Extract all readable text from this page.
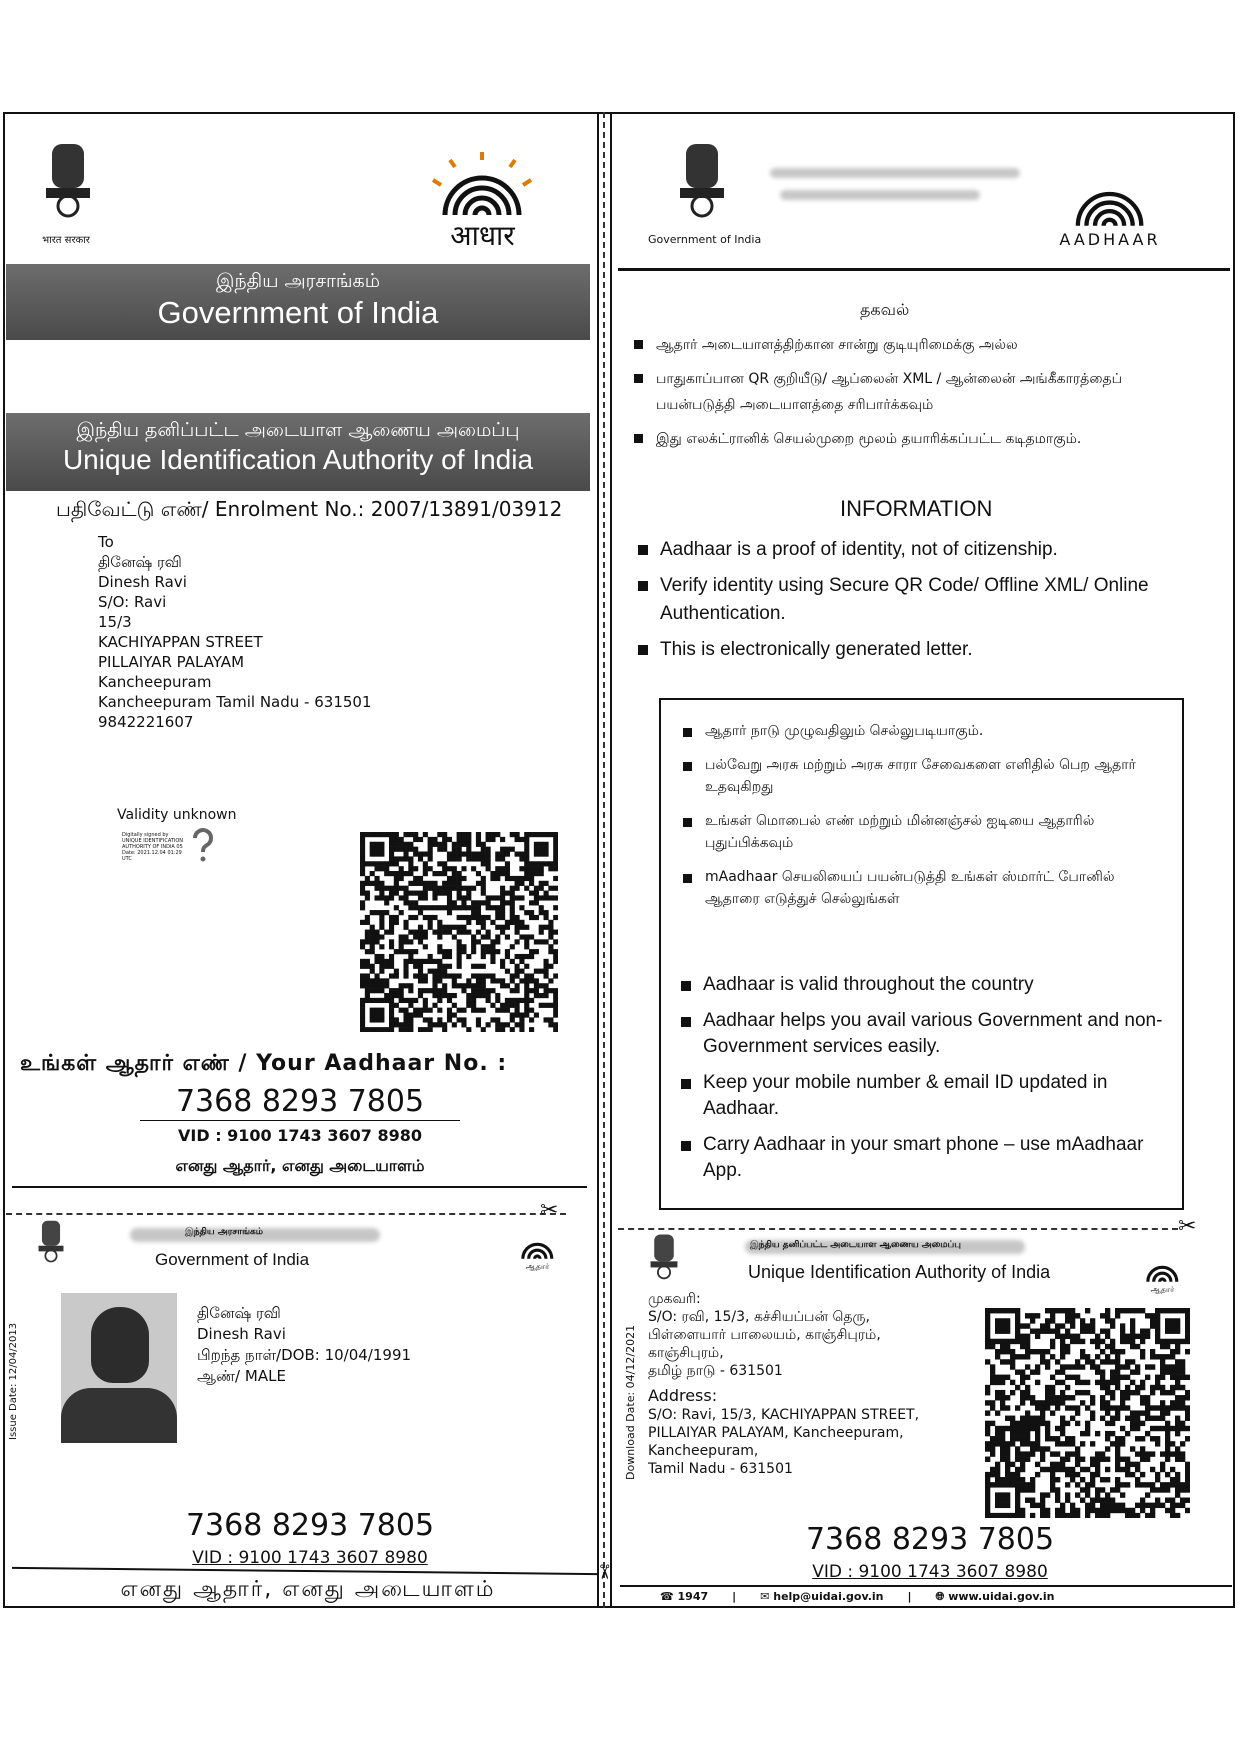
भारत सरकार	आधार
இந்திய அரசாங்கம்
Government of India
இந்திய தனிப்பட்ட அடையாள ஆணைய அமைப்பு
Unique Identification Authority of India
பதிவேட்டு எண்/ Enrolment No.: 2007/13891/03912
To
தினேஷ் ரவி
Dinesh Ravi
S/O: Ravi
15/3
KACHIYAPPAN STREET
PILLAIYAR PALAYAM
Kancheepuram
Kancheepuram Tamil Nadu - 631501
9842221607
Validity unknown
Digitally signed by
UNIQUE IDENTIFICATION
AUTHORITY OF INDIA 05
Date: 2021.12.04 01:29
UTC
உங்கள் ஆதார் எண் / Your Aadhaar No. :
7368 8293 7805
VID : 9100 1743 3607 8980
எனது ஆதார், எனது அடையாளம்
✂
இந்திய அரசாங்கம்
Government of India	ஆதார்
Issue Date: 12/04/2013
தினேஷ் ரவி
Dinesh Ravi
பிறந்த நாள்/DOB: 10/04/1991
ஆண்/ MALE
7368 8293 7805
VID : 9100 1743 3607 8980
எனது ஆதார், எனது அடையாளம்
✂
Government of India	AADHAAR
தகவல்
ஆதார் அடையாளத்திற்கான சான்று குடியுரிமைக்கு அல்ல
பாதுகாப்பான QR குறியீடு/ ஆப்லைன் XML / ஆன்லைன் அங்கீகாரத்தைப் பயன்படுத்தி அடையாளத்தை சரிபார்க்கவும்
இது எலக்ட்ரானிக் செயல்முறை மூலம் தயாரிக்கப்பட்ட கடிதமாகும்.
INFORMATION
Aadhaar is a proof of identity, not of citizenship.
Verify identity using Secure QR Code/ Offline XML/ Online Authentication.
This is electronically generated letter.
ஆதார் நாடு முழுவதிலும் செல்லுபடியாகும்.
பல்வேறு அரசு மற்றும் அரசு சாரா சேவைகளை எளிதில் பெற ஆதார் உதவுகிறது
உங்கள் மொபைல் எண் மற்றும் மின்னஞ்சல் ஐடியை ஆதாரில் புதுப்பிக்கவும்
mAadhaar செயலியைப் பயன்படுத்தி உங்கள் ஸ்மார்ட் போனில் ஆதாரை எடுத்துச் செல்லுங்கள்
Aadhaar is valid throughout the country
Aadhaar helps you avail various Government and non-Government services easily.
Keep your mobile number & email ID updated in Aadhaar.
Carry Aadhaar in your smart phone – use mAadhaar App.
✂
இந்திய தனிப்பட்ட அடையாள ஆணைய அமைப்பு
Unique Identification Authority of India
ஆதார்
Download Date: 04/12/2021
முகவரி:
S/O: ரவி, 15/3, கச்சியப்பன் தெரு,
பிள்ளையார் பாலையம், காஞ்சிபுரம்,
காஞ்சிபுரம்,
தமிழ் நாடு - 631501
Address:
S/O: Ravi, 15/3, KACHIYAPPAN STREET,
PILLAIYAR PALAYAM, Kancheepuram,
Kancheepuram,
Tamil Nadu - 631501
7368 8293 7805
VID : 9100 1743 3607 8980
☎ 1947 | ✉ help@uidai.gov.in | 🌐︎ www.uidai.gov.in
